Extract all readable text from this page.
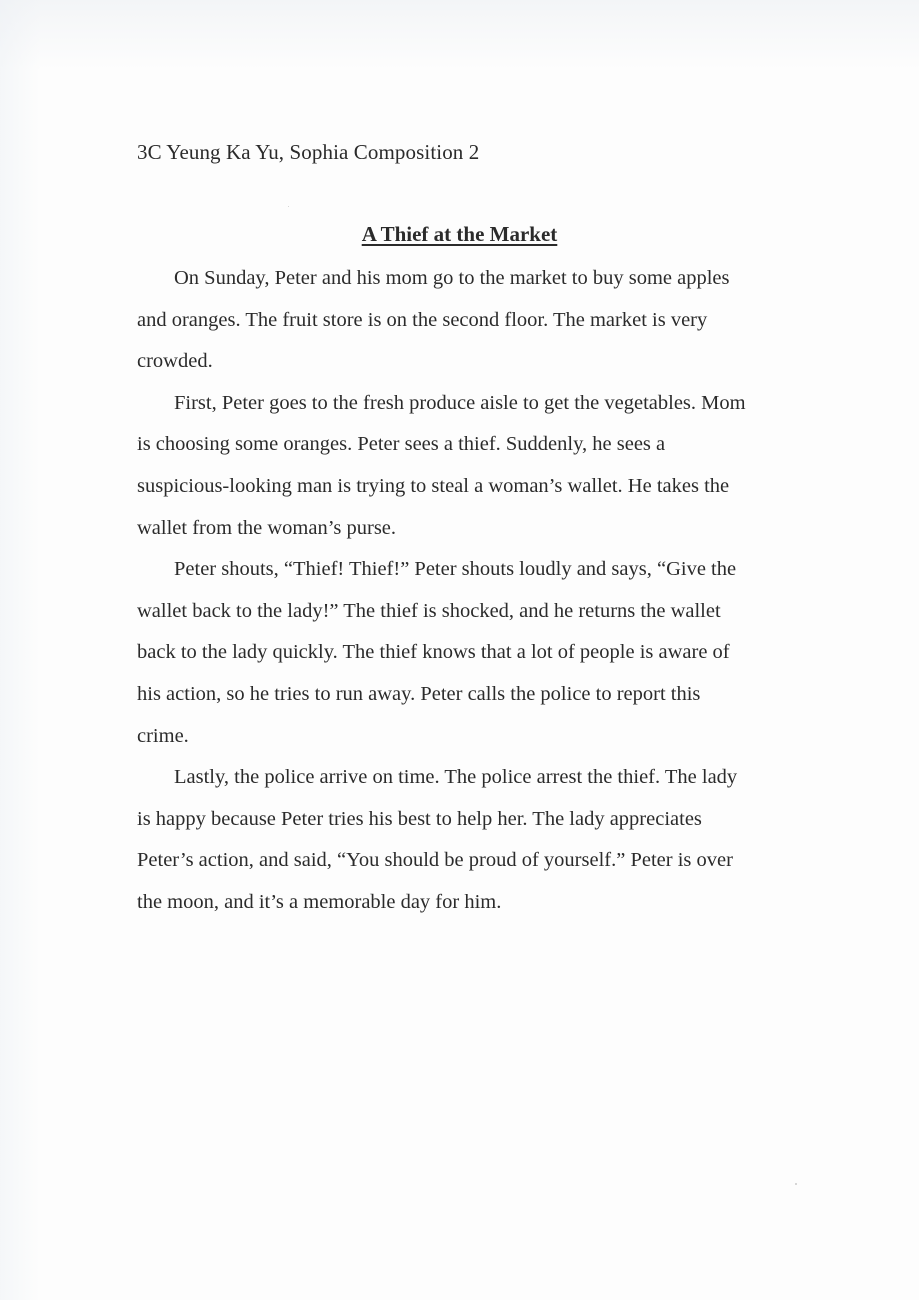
3C Yeung Ka Yu, Sophia Composition 2
A Thief at the Market
On Sunday, Peter and his mom go to the market to buy some apples
and oranges. The fruit store is on the second floor. The market is very
crowded.
First, Peter goes to the fresh produce aisle to get the vegetables. Mom
is choosing some oranges. Peter sees a thief. Suddenly, he sees a
suspicious-looking man is trying to steal a woman’s wallet. He takes the
wallet from the woman’s purse.
Peter shouts, “Thief! Thief!” Peter shouts loudly and says, “Give the
wallet back to the lady!” The thief is shocked, and he returns the wallet
back to the lady quickly. The thief knows that a lot of people is aware of
his action, so he tries to run away. Peter calls the police to report this
crime.
Lastly, the police arrive on time. The police arrest the thief. The lady
is happy because Peter tries his best to help her. The lady appreciates
Peter’s action, and said, “You should be proud of yourself.” Peter is over
the moon, and it’s a memorable day for him.
